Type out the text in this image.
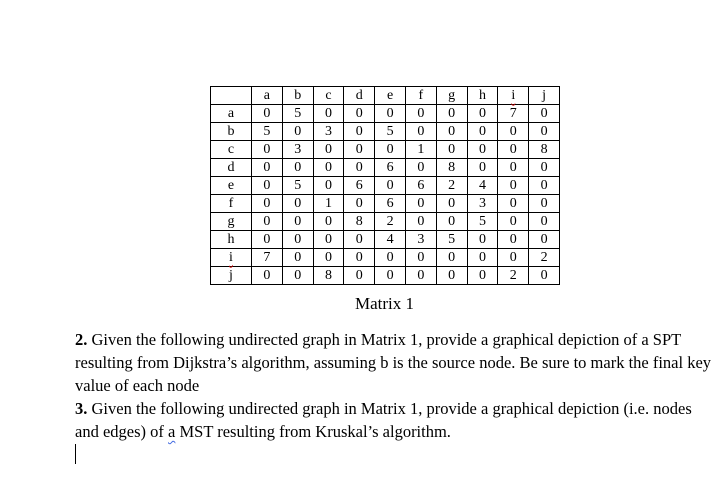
	a	b	c	d	e	f	g	h	i	j
a	0	5	0	0	0	0	0	0	7	0
b	5	0	3	0	5	0	0	0	0	0
c	0	3	0	0	0	1	0	0	0	8
d	0	0	0	0	6	0	8	0	0	0
e	0	5	0	6	0	6	2	4	0	0
f	0	0	1	0	6	0	0	3	0	0
g	0	0	0	8	2	0	0	5	0	0
h	0	0	0	0	4	3	5	0	0	0
i	7	0	0	0	0	0	0	0	0	2
j	0	0	8	0	0	0	0	0	2	0
Matrix 1

2. Given the following undirected graph in Matrix 1, provide a graphical depiction of a SPT resulting from Dijkstra’s algorithm, assuming b is the source node. Be sure to mark the final key value of each node

3. Given the following undirected graph in Matrix 1, provide a graphical depiction (i.e. nodes and edges) of a MST resulting from Kruskal’s algorithm.
